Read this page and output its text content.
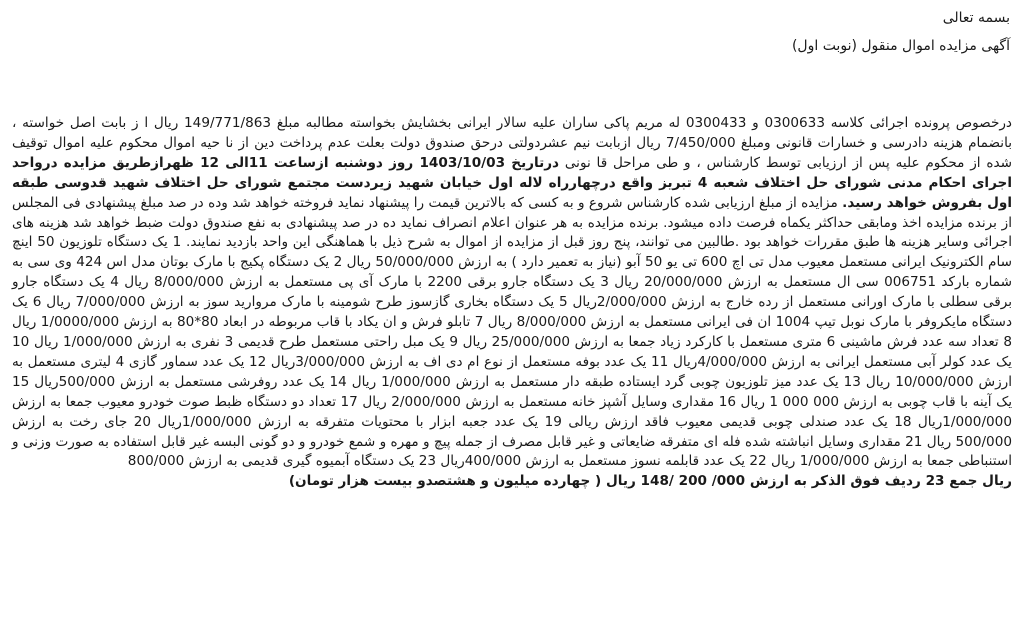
بسمه تعالی

آگهی مزایده اموال منقول (نوبت اول)

درخصوص پرونده اجرائی کلاسه 0300633 و 0300433 له مریم پاکی ساران علیه سالار ایرانی بخشایش بخواسته مطالبه مبلغ 149/771/863 ریال ا ز بابت اصل خواسته ، بانضمام هزینه دادرسی و خسارات قانونی ومبلغ 7/450/000 ریال ازبابت نیم عشردولتی درحق صندوق دولت بعلت عدم پرداخت دین از نا حیه اموال محکوم علیه اموال توقیف شده از محکوم علیه پس از ارزیابی توسط کارشناس ، و طی مراحل قا نونی درتاریخ 1403/10/03 روز دوشنبه ازساعت 11الی 12 ظهرازطریق مزایده درواحد اجرای احکام مدنی شورای حل اختلاف شعبه 4 تبریز واقع درچهارراه لاله اول خیابان شهید زیردست مجتمع شورای حل اختلاف شهید قدوسی طبقه اول بفروش خواهد رسید. مزایده از مبلغ ارزیابی شده کارشناس شروع و به کسی که بالاترین قیمت را پیشنهاد نماید فروخته خواهد شد وده در صد مبلغ پیشنهادی فی المجلس از برنده مزایده اخذ ومابقی حداکثر یکماه فرصت داده میشود. برنده مزایده به هر عنوان اعلام انصراف نماید ده در صد پیشنهادی به نفع صندوق دولت ضبط خواهد شد هزینه های اجرائی وسایر هزینه ها طبق مقررات خواهد بود .طالبین می توانند، پنج روز قبل از مزایده از اموال به شرح ذیل با هماهنگی این واحد بازدید نمایند. 1 یک دستگاه تلوزیون 50 اینچ سام الکترونیک ایرانی مستعمل معیوب مدل تی اچ 600 تی یو 50 آبو (نیاز به تعمیر دارد ) به ارزش 50/000/000 ریال 2 یک دستگاه پکیج با مارک بوتان مدل اس 424 وی سی به شماره بارکد 006751 سی ال مستعمل به ارزش 20/000/000 ریال 3 یک دستگاه جارو برقی 2200 با مارک آی پی مستعمل به ارزش 8/000/000 ریال 4 یک دستگاه جارو برقی سطلی با مارک اورانی مستعمل از رده خارج به ارزش 2/000/000ریال 5 یک دستگاه بخاری گازسوز طرح شومینه با مارک مروارید سوز به ارزش 7/000/000 ریال 6 یک دستگاه مایکروفر با مارک نوبل تیپ 1004 ان فی ایرانی مستعمل به ارزش 8/000/000 ریال 7 تابلو فرش و ان یکاد با قاب مربوطه در ابعاد 80*80 به ارزش 1/0000/000 ریال 8 تعداد سه عدد فرش ماشینی 6 متری مستعمل با کارکرد زیاد جمعا به ارزش 25/000/000 ریال 9 یک مبل راحتی مستعمل طرح قدیمی 3 نفری به ارزش 1/000/000 ریال 10 یک عدد کولر آبی مستعمل ایرانی به ارزش 4/000/000ریال 11 یک عدد بوفه مستعمل از نوع ام دی اف به ارزش 3/000/000ریال 12 یک عدد سماور گازی 4 لیتری مستعمل به ارزش 10/000/000 ریال 13 یک عدد میز تلوزیون چوبی گرد ایستاده طبقه دار مستعمل به ارزش 1/000/000 ریال 14 یک عدد روفرشی مستعمل به ارزش 500/000ریال 15 یک آینه با قاب چوبی به ارزش 000 000 1 ریال 16 مقداری وسایل آشپز خانه مستعمل به ارزش 2/000/000 ریال 17 تعداد دو دستگاه ظبط صوت خودرو معیوب جمعا به ارزش 1/000/000ریال 18 یک عدد صندلی چوبی قدیمی معیوب فاقد ارزش ریالی 19 یک عدد جعبه ابزار با محتویات متفرقه به ارزش 1/000/000ریال 20 جای رخت به ارزش 500/000 ریال 21 مقداری وسایل انباشته شده فله ای متفرقه ضایعاتی و غیر قابل مصرف از جمله پیچ و مهره و شمع خودرو و دو گونی البسه غیر قابل استفاده به صورت وزنی و استنباطی جمعا به ارزش 1/000/000 ریال 22 یک عدد قابلمه نسوز مستعمل به ارزش 400/000ریال 23 یک دستگاه آبمیوه گیری قدیمی به ارزش 800/000
ریال جمع 23 ردیف فوق الذکر به ارزش 000/ 200 /148 ریال ( چهارده میلیون و هشتصدو بیست هزار تومان)
